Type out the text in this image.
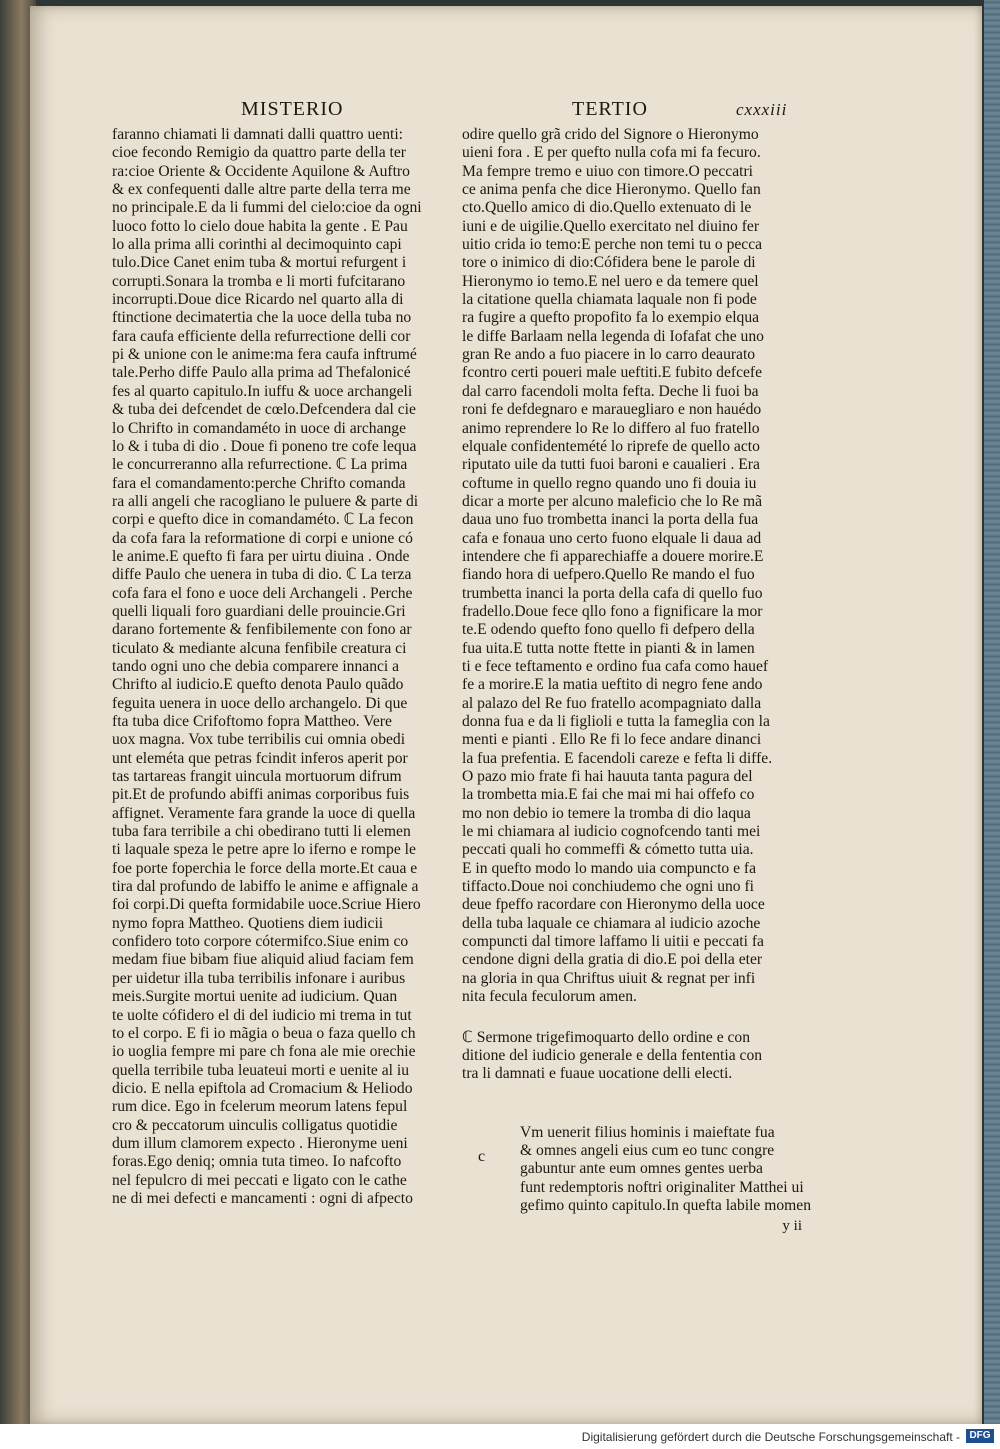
MISTERIO	TERTIO	cxxxiii
faranno chiamati li damnati dalli quattro uenti:
cioe fecondo Remigio da quattro parte della ter
ra:cioe Oriente & Occidente Aquilone & Auftro
& ex confequenti dalle altre parte della terra me
no principale.E da li fummi del cielo:cioe da ogni
luoco fotto lo cielo doue habita la gente . E Pau
lo alla prima alli corinthi al decimoquinto capi
tulo.Dice Canet enim tuba & mortui refurgent i
corrupti.Sonara la tromba e li morti fufcitarano
incorrupti.Doue dice Ricardo nel quarto alla di
ftinctione decimatertia che la uoce della tuba no
fara caufa efficiente della refurrectione delli cor
pi & unione con le anime:ma fera caufa inftrumé
tale.Perho diffe Paulo alla prima ad Thefalonicé
fes al quarto capitulo.In iuffu & uoce archangeli
& tuba dei defcendet de cœlo.Defcendera dal cie
lo Chrifto in comandaméto in uoce di archange
lo & i tuba di dio . Doue fi poneno tre cofe lequa
le concurreranno alla refurrectione. ℂ La prima
fara el comandamento:perche Chrifto comanda
ra alli angeli che racogliano le puluere & parte di
corpi e quefto dice in comandaméto. ℂ La fecon
da cofa fara la reformatione di corpi e unione có
le anime.E quefto fi fara per uirtu diuina . Onde
diffe Paulo che uenera in tuba di dio. ℂ La terza
cofa fara el fono e uoce deli Archangeli . Perche
quelli liquali foro guardiani delle prouincie.Gri
darano fortemente & fenfibilemente con fono ar
ticulato & mediante alcuna fenfibile creatura ci
tando ogni uno che debia comparere innanci a
Chrifto al iudicio.E quefto denota Paulo quãdo
feguita uenera in uoce dello archangelo. Di que
fta tuba dice Crifoftomo fopra Mattheo. Vere
uox magna. Vox tube terribilis cui omnia obedi
unt eleméta que petras fcindit inferos aperit por
tas tartareas frangit uincula mortuorum difrum
pit.Et de profundo abiffi animas corporibus fuis
affignet. Veramente fara grande la uoce di quella
tuba fara terribile a chi obedirano tutti li elemen
ti laquale speza le petre apre lo iferno e rompe le
foe porte foperchia le force della morte.Et caua e
tira dal profundo de labiffo le anime e affignale a
foi corpi.Di quefta formidabile uoce.Scriue Hiero
nymo fopra Mattheo. Quotiens diem iudicii
confidero toto corpore cótermifco.Siue enim co
medam fiue bibam fiue aliquid aliud faciam fem
per uidetur illa tuba terribilis infonare i auribus
meis.Surgite mortui uenite ad iudicium. Quan
te uolte cófidero el di del iudicio mi trema in tut
to el corpo. E fi io mãgia o beua o faza quello ch
io uoglia fempre mi pare ch fona ale mie orechie
quella terribile tuba leuateui morti e uenite al iu
dicio. E nella epiftola ad Cromacium & Heliodo
rum dice. Ego in fcelerum meorum latens fepul
cro & peccatorum uinculis colligatus quotidie
dum illum clamorem expecto . Hieronyme ueni
foras.Ego deniq; omnia tuta timeo. Io nafcofto
nel fepulcro di mei peccati e ligato con le cathe
ne di mei defecti e mancamenti : ogni di afpecto
odire quello grã crido del Signore o Hieronymo
uieni fora . E per quefto nulla cofa mi fa fecuro.
Ma fempre tremo e uiuo con timore.O peccatri
ce anima penfa che dice Hieronymo. Quello fan
cto.Quello amico di dio.Quello extenuato di le
iuni e de uigilie.Quello exercitato nel diuino fer
uitio crida io temo:E perche non temi tu o pecca
tore o inimico di dio:Cófidera bene le parole di
Hieronymo io temo.E nel uero e da temere quel
la citatione quella chiamata laquale non fi pode
ra fugire a quefto propofito fa lo exempio elqua
le diffe Barlaam nella legenda di Iofafat che uno
gran Re ando a fuo piacere in lo carro deaurato
fcontro certi poueri male ueftiti.E fubito defcefe
dal carro facendoli molta fefta. Deche li fuoi ba
roni fe defdegnaro e marauegliaro e non hauédo
animo reprendere lo Re lo differo al fuo fratello
elquale confidentemété lo riprefe de quello acto
riputato uile da tutti fuoi baroni e caualieri . Era
coftume in quello regno quando uno fi douia iu
dicar a morte per alcuno maleficio che lo Re mã
daua uno fuo trombetta inanci la porta della fua
cafa e fonaua uno certo fuono elquale li daua ad
intendere che fi apparechiaffe a douere morire.E
fiando hora di uefpero.Quello Re mando el fuo
trumbetta inanci la porta della cafa di quello fuo
fradello.Doue fece qllo fono a fignificare la mor
te.E odendo quefto fono quello fi defpero della
fua uita.E tutta notte ftette in pianti & in lamen
ti e fece teftamento e ordino fua cafa como hauef
fe a morire.E la matia ueftito di negro fene ando
al palazo del Re fuo fratello acompagniato dalla
donna fua e da li figlioli e tutta la fameglia con la
menti e pianti . Ello Re fi lo fece andare dinanci
la fua prefentia. E facendoli careze e fefta li diffe.
O pazo mio frate fi hai hauuta tanta pagura del
la trombetta mia.E fai che mai mi hai offefo co
mo non debio io temere la tromba di dio laqua
le mi chiamara al iudicio cognofcendo tanti mei
peccati quali ho commeffi & cómetto tutta uia.
E in quefto modo lo mando uia compuncto e fa
tiffacto.Doue noi conchiudemo che ogni uno fi
deue fpeffo racordare con Hieronymo della uoce
della tuba laquale ce chiamara al iudicio azoche
compuncti dal timore laffamo li uitii e peccati fa
cendone digni della gratia di dio.E poi della eter
na gloria in qua Chriftus uiuit & regnat per infi
nita fecula feculorum amen.
ℂ Sermone trigefimoquarto dello ordine e con
ditione del iudicio generale e della fententia con
tra li damnati e fuaue uocatione delli electi.
c
Vm uenerit filius hominis i maieftate fua
& omnes angeli eius cum eo tunc congre
gabuntur ante eum omnes gentes uerba
funt redemptoris noftri originaliter Matthei ui
gefimo quinto capitulo.In quefta labile momen
y ii
Digitalisierung gefördert durch die Deutsche Forschungsgemeinschaft - DFG
